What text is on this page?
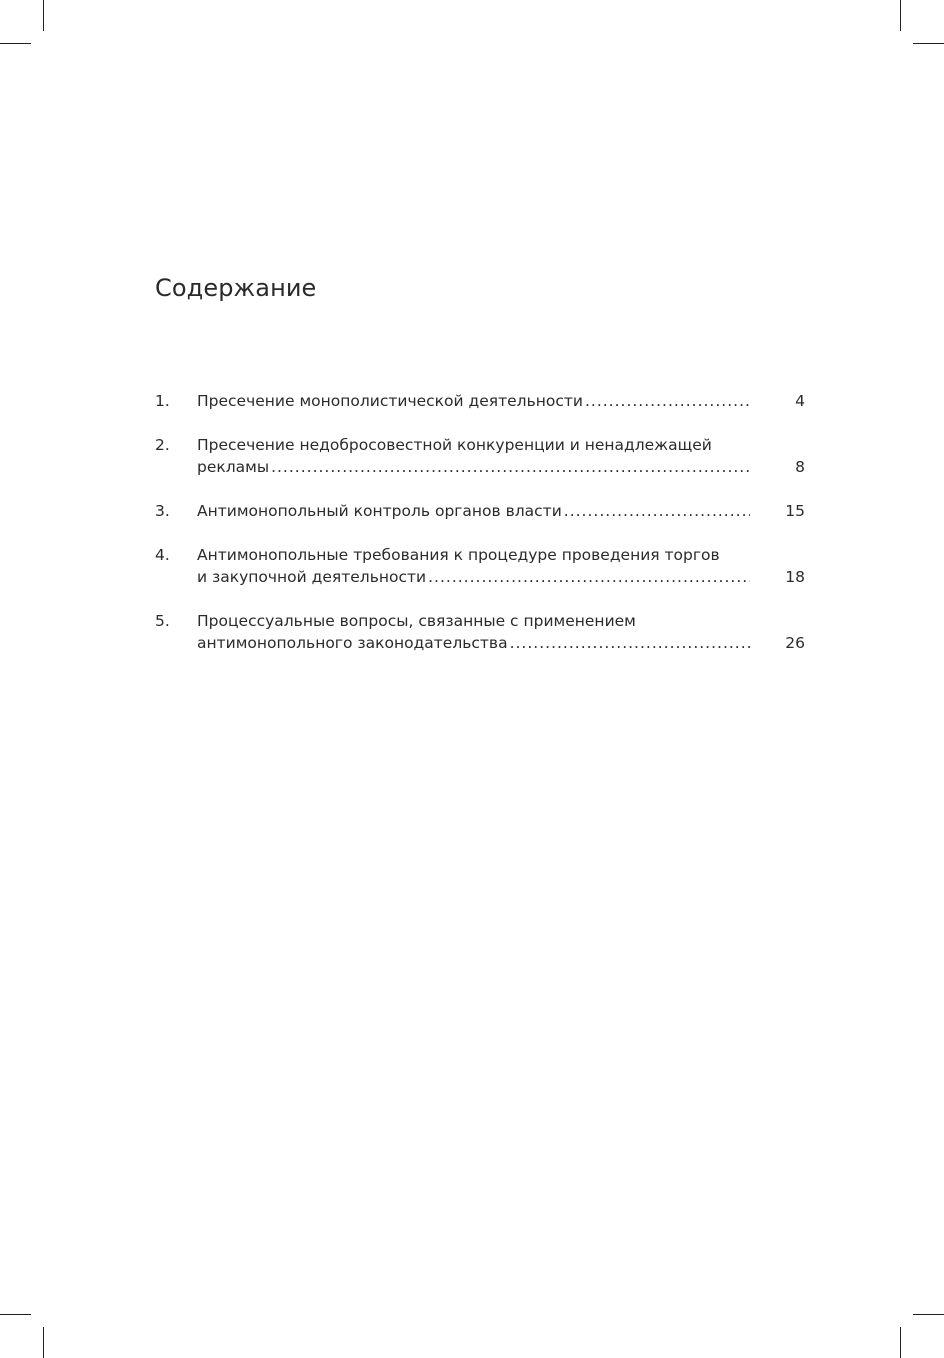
Содержание
1.	Пресечение монополистической деятельности .....	4
2.	Пресечение недобросовестной конкуренции и ненадлежащей
рекламы .....	8
3.	Антимонопольный контроль органов власти .....	15
4.	Антимонопольные требования к процедуре проведения торгов
и закупочной деятельности .....	18
5.	Процессуальные вопросы, связанные с применением
антимонопольного законодательства .....	26
